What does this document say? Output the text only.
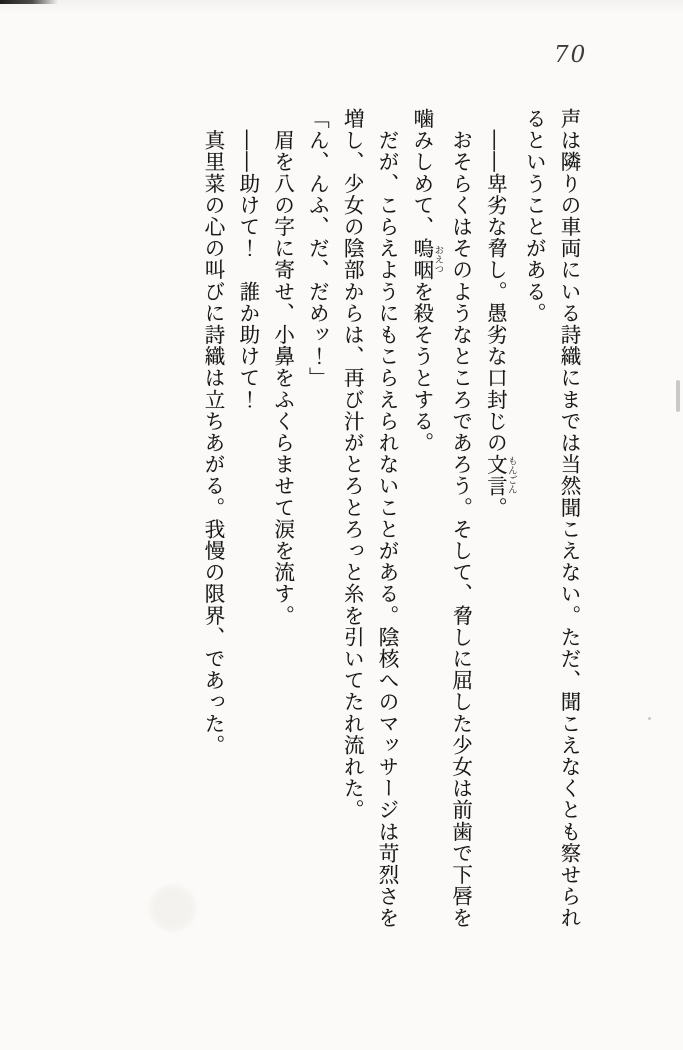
70

声は隣りの車両にいる詩織にまでは当然聞こえない。ただ、聞こえなくとも察せられ

るということがある。

　――卑劣な脅し。愚劣な口封じの文言もんごん。

　おそらくはそのようなところであろう。そして、脅しに屈した少女は前歯で下唇を

噛みしめて、嗚咽おえつを殺そうとする。

　だが、こらえようにもこらえられないことがある。陰核へのマッサージは苛烈さを

増し、少女の陰部からは、再び汁がとろとろっと糸を引いてたれ流れた。

「ん、んふ、だ、だめッ！」

　眉を八の字に寄せ、小鼻をふくらませて涙を流す。

　――助けて！　誰か助けて！

　真里菜の心の叫びに詩織は立ちあがる。我慢の限界、であった。
